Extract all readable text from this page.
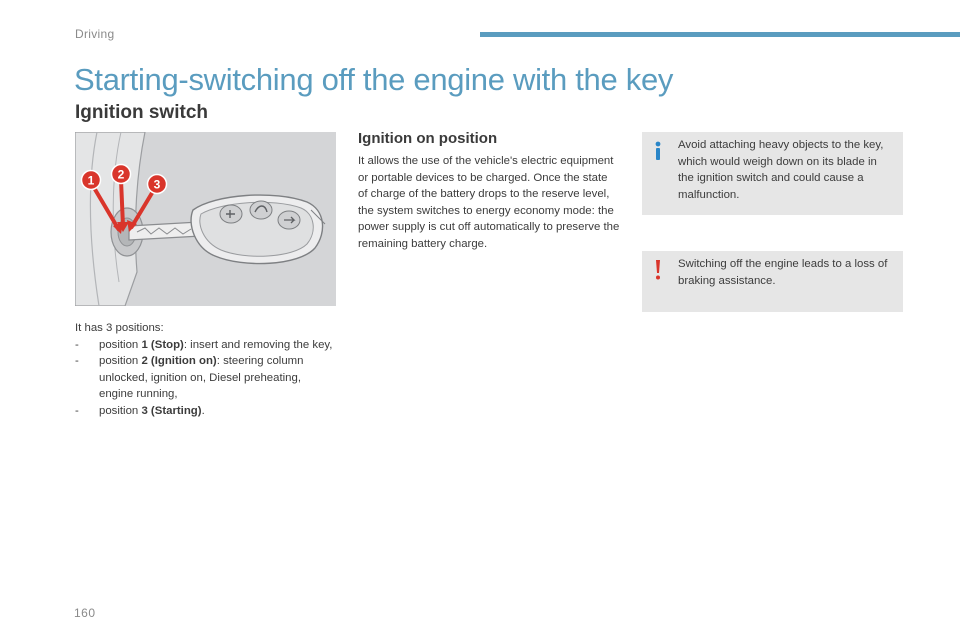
Driving
Starting-switching off the engine with the key
Ignition switch
1 2
3
It has 3 positions:
-	position 1 (Stop): insert and removing the key,
-	position 2 (Ignition on): steering column unlocked, ignition on, Diesel preheating, engine running,
-	position 3 (Starting).
Ignition on position

It allows the use of the vehicle's electric equipment or portable devices to be charged. Once the state of charge of the battery drops to the reserve level, the system switches to energy economy mode: the power supply is cut off automatically to preserve the remaining battery charge.

Avoid attaching heavy objects to the key, which would weigh down on its blade in the ignition switch and could cause a malfunction.

Switching off the engine leads to a loss of braking assistance.

160
